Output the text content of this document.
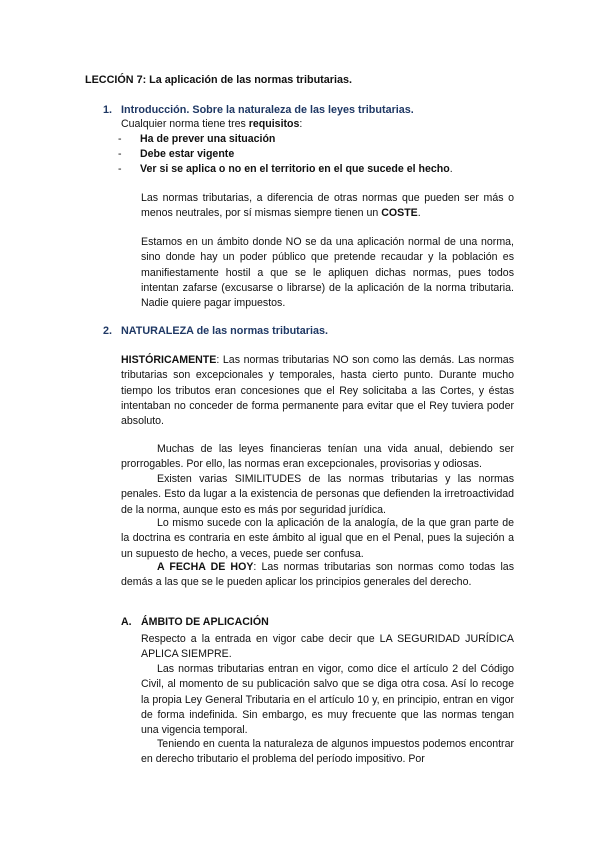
LECCIÓN 7: La aplicación de las normas tributarias.
1. Introducción. Sobre la naturaleza de las leyes tributarias.
Cualquier norma tiene tres requisitos:
- Ha de prever una situación
- Debe estar vigente
- Ver si se aplica o no en el territorio en el que sucede el hecho.
Las normas tributarias, a diferencia de otras normas que pueden ser más o menos neutrales, por sí mismas siempre tienen un COSTE.
Estamos en un ámbito donde NO se da una aplicación normal de una norma, sino donde hay un poder público que pretende recaudar y la población es manifiestamente hostil a que se le apliquen dichas normas, pues todos intentan zafarse (excusarse o librarse) de la aplicación de la norma tributaria. Nadie quiere pagar impuestos.
2. NATURALEZA de las normas tributarias.
HISTÓRICAMENTE: Las normas tributarias NO son como las demás. Las normas tributarias son excepcionales y temporales, hasta cierto punto. Durante mucho tiempo los tributos eran concesiones que el Rey solicitaba a las Cortes, y éstas intentaban no conceder de forma permanente para evitar que el Rey tuviera poder absoluto.
Muchas de las leyes financieras tenían una vida anual, debiendo ser prorrogables. Por ello, las normas eran excepcionales, provisorias y odiosas.
Existen varias SIMILITUDES de las normas tributarias y las normas penales. Esto da lugar a la existencia de personas que defienden la irretroactividad de la norma, aunque esto es más por seguridad jurídica.
Lo mismo sucede con la aplicación de la analogía, de la que gran parte de la doctrina es contraria en este ámbito al igual que en el Penal, pues la sujeción a un supuesto de hecho, a veces, puede ser confusa.
A FECHA DE HOY: Las normas tributarias son normas como todas las demás a las que se le pueden aplicar los principios generales del derecho.
A. ÁMBITO DE APLICACIÓN
Respecto a la entrada en vigor cabe decir que LA SEGURIDAD JURÍDICA APLICA SIEMPRE.
Las normas tributarias entran en vigor, como dice el artículo 2 del Código Civil, al momento de su publicación salvo que se diga otra cosa. Así lo recoge la propia Ley General Tributaria en el artículo 10 y, en principio, entran en vigor de forma indefinida. Sin embargo, es muy frecuente que las normas tengan una vigencia temporal.
Teniendo en cuenta la naturaleza de algunos impuestos podemos encontrar en derecho tributario el problema del período impositivo. Por
